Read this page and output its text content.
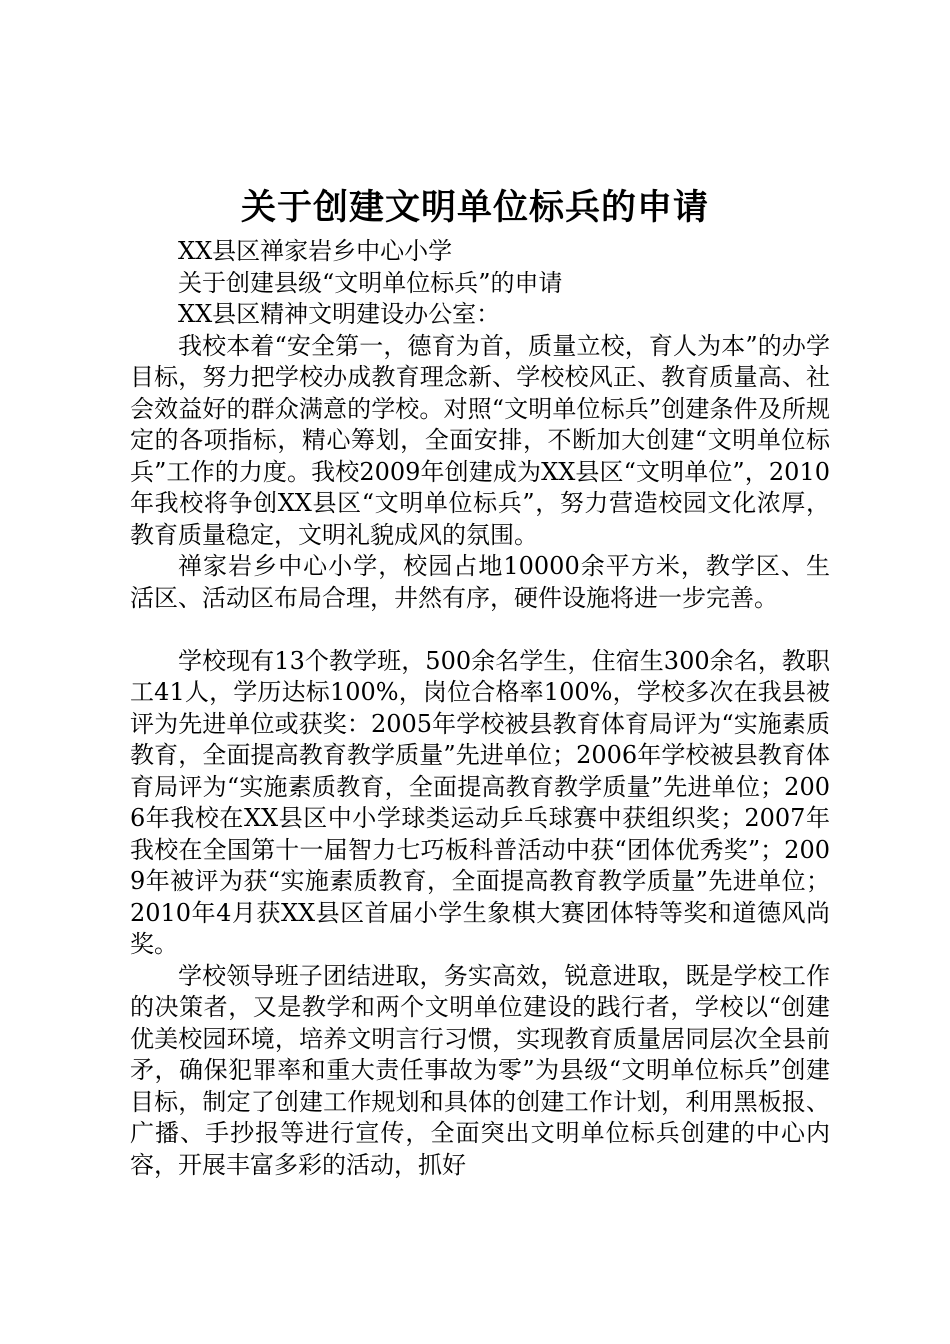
关于创建文明单位标兵的申请

XX县区禅家岩乡中心小学

关于创建县级“文明单位标兵”的申请

XX县区精神文明建设办公室：

我校本着“安全第一，德育为首，质量立校，育人为本”的办学目标，努力把学校办成教育理念新、学校校风正、教育质量高、社会效益好的群众满意的学校。对照“文明单位标兵”创建条件及所规定的各项指标，精心筹划，全面安排，不断加大创建“文明单位标兵”工作的力度。我校2009年创建成为XX县区“文明单位”，2010年我校将争创XX县区“文明单位标兵”，努力营造校园文化浓厚，教育质量稳定，文明礼貌成风的氛围。

禅家岩乡中心小学，校园占地10000余平方米，教学区、生活区、活动区布局合理，井然有序，硬件设施将进一步完善。

学校现有13个教学班，500余名学生，住宿生300余名，教职工41人，学历达标100%，岗位合格率100%，学校多次在我县被评为先进单位或获奖：2005年学校被县教育体育局评为“实施素质教育，全面提高教育教学质量”先进单位；2006年学校被县教育体育局评为“实施素质教育，全面提高教育教学质量”先进单位；2006年我校在XX县区中小学球类运动乒乓球赛中获组织奖；2007年我校在全国第十一届智力七巧板科普活动中获“团体优秀奖”；2009年被评为获“实施素质教育，全面提高教育教学质量”先进单位；2010年4月获XX县区首届小学生象棋大赛团体特等奖和道德风尚奖。

学校领导班子团结进取，务实高效，锐意进取，既是学校工作的决策者，又是教学和两个文明单位建设的践行者，学校以“创建优美校园环境，培养文明言行习惯，实现教育质量居同层次全县前矛，确保犯罪率和重大责任事故为零”为县级“文明单位标兵”创建目标，制定了创建工作规划和具体的创建工作计划，利用黑板报、广播、手抄报等进行宣传，全面突出文明单位标兵创建的中心内容，开展丰富多彩的活动，抓好
